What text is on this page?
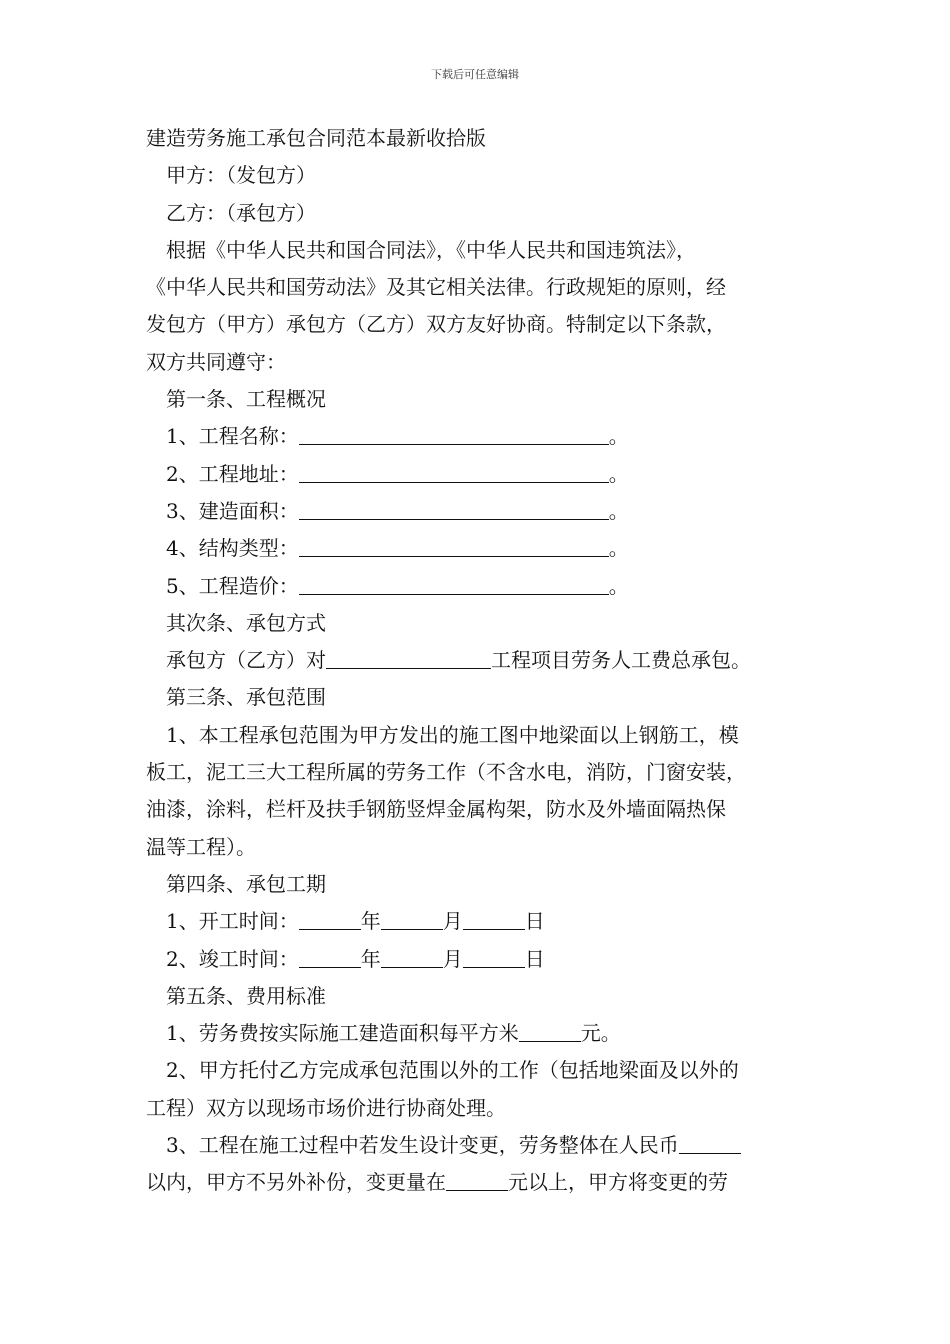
下载后可任意编辑
建造劳务施工承包合同范本最新收拾版
甲方：（发包方）
乙方：（承包方）
根据《中华人民共和国合同法》，《中华人民共和国违筑法》，
《中华人民共和国劳动法》及其它相关法律。行政规矩的原则，经
发包方（甲方）承包方（乙方）双方友好协商。特制定以下条款，
双方共同遵守：
第一条、工程概况
1、工程名称：	。
2、工程地址：	。
3、建造面积：	。
4、结构类型：	。
5、工程造价：	。
其次条、承包方式
承包方（乙方）对	工程项目劳务人工费总承包。
第三条、承包范围
1、本工程承包范围为甲方发出的施工图中地梁面以上钢筋工，模
板工，泥工三大工程所属的劳务工作（不含水电，消防，门窗安装，
油漆，涂料，栏杆及扶手钢筋竖焊金属构架，防水及外墙面隔热保
温等工程）。
第四条、承包工期
1、开工时间：	年	月	日
2、竣工时间：	年	月	日
第五条、费用标准
1、劳务费按实际施工建造面积每平方米	元。
2、甲方托付乙方完成承包范围以外的工作（包括地梁面及以外的
工程）双方以现场市场价进行协商处理。
3、工程在施工过程中若发生设计变更，劳务整体在人民币
以内，甲方不另外补份，变更量在	元以上，甲方将变更的劳
